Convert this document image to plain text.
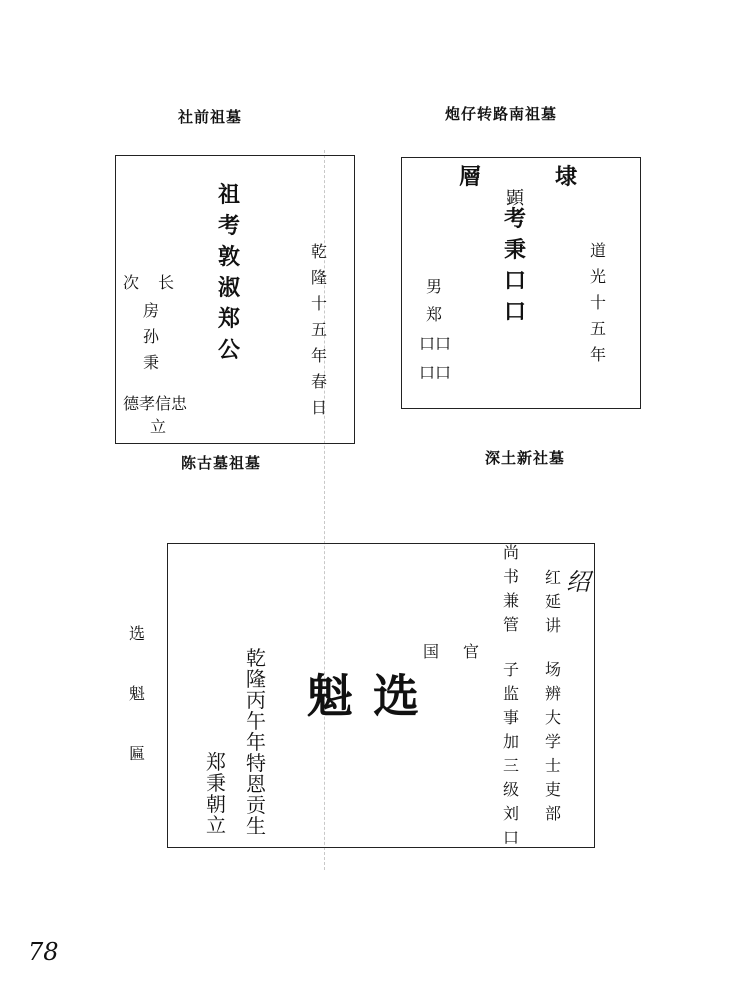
社前祖墓	炮仔转路南祖墓
陈古墓祖墓	深土新社墓
祖
考
敦
淑
郑
公
乾
隆
十
五
年
春
日
长
次
房
孙
秉
德孝信忠
立
層	埭
顕
考
秉
口
口
道
光
十
五
年
男
郑
口口
口口
选
魁
匾
尚
书
兼
管
红
延
讲
绍
场
辨
大
学
士
吏
部
子
监
事
加
三
级
刘
口
国 官
魁选
乾
隆
丙
午
年
特
恩
贡
生
郑
秉
朝
立
78
